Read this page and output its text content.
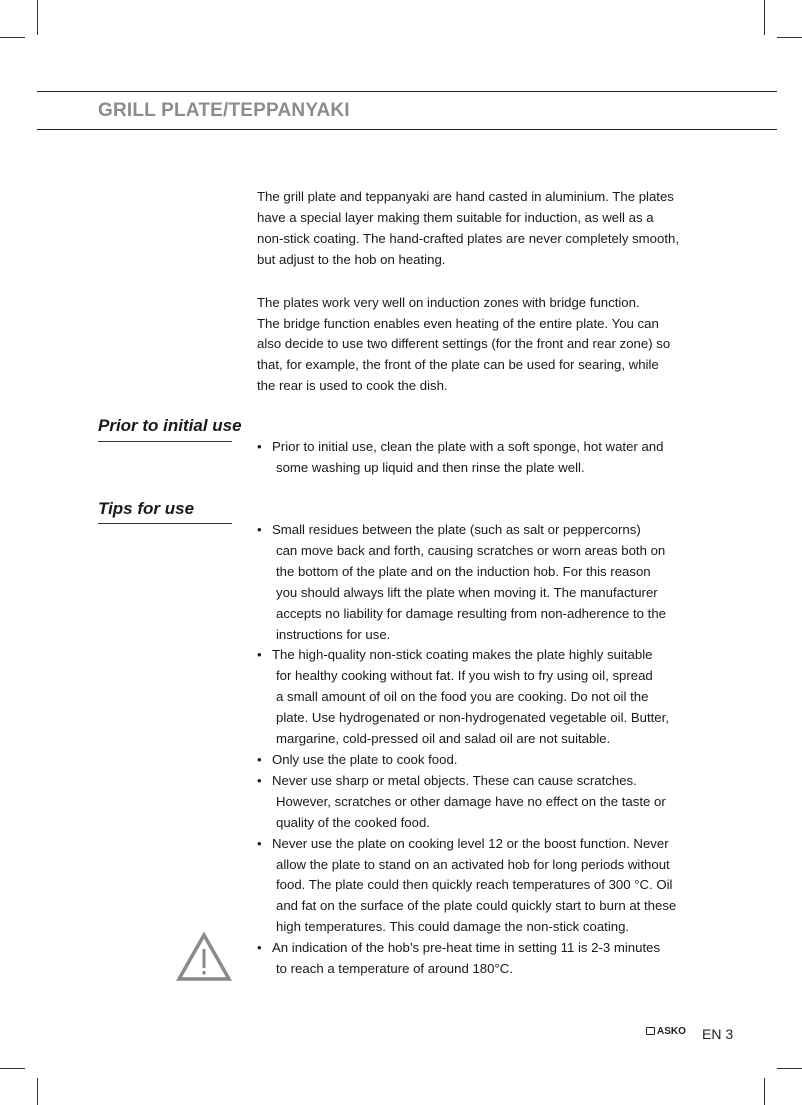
GRILL PLATE/TEPPANYAKI
The grill plate and teppanyaki are hand casted in aluminium. The plates
have a special layer making them suitable for induction, as well as a
non-stick coating. The hand-crafted plates are never completely smooth,
but adjust to the hob on heating.
The plates work very well on induction zones with bridge function.
The bridge function enables even heating of the entire plate. You can
also decide to use two different settings (for the front and rear zone) so
that, for example, the front of the plate can be used for searing, while
the rear is used to cook the dish.
Prior to initial use
• Prior to initial use, clean the plate with a soft sponge, hot water and
some washing up liquid and then rinse the plate well.
Tips for use
• Small residues between the plate (such as salt or peppercorns)
can move back and forth, causing scratches or worn areas both on
the bottom of the plate and on the induction hob. For this reason
you should always lift the plate when moving it. The manufacturer
accepts no liability for damage resulting from non-adherence to the
instructions for use.
• The high-quality non-stick coating makes the plate highly suitable
for healthy cooking without fat. If you wish to fry using oil, spread
a small amount of oil on the food you are cooking. Do not oil the
plate. Use hydrogenated or non-hydrogenated vegetable oil. Butter,
margarine, cold-pressed oil and salad oil are not suitable.
• Only use the plate to cook food.
• Never use sharp or metal objects. These can cause scratches.
However, scratches or other damage have no effect on the taste or
quality of the cooked food.
• Never use the plate on cooking level 12 or the boost function. Never
allow the plate to stand on an activated hob for long periods without
food. The plate could then quickly reach temperatures of 300 °C. Oil
and fat on the surface of the plate could quickly start to burn at these
high temperatures. This could damage the non-stick coating.
• An indication of the hob’s pre-heat time in setting 11 is 2-3 minutes
to reach a temperature of around 180°C.
ASKO EN 3
